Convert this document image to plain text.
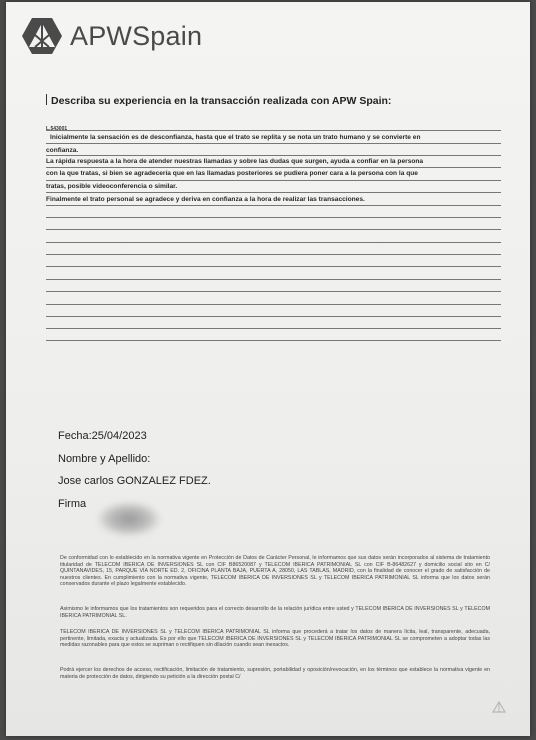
APWSpain
Describa su experiencia en la transacción realizada con APW Spain:
L.543001
Inicialmente la sensación es de desconfianza, hasta que el trato se replita y se nota un trato humano y se convierte en
confianza.
La rápida respuesta a la hora de atender nuestras llamadas y sobre las dudas que surgen, ayuda a confiar en la persona
con la que tratas, si bien se agradecería que en las llamadas posteriores se pudiera poner cara a la persona con la que
tratas, posible videoconferencia o similar.
Finalmente el trato personal se agradece y deriva en confianza a la hora de realizar las transacciones.
Fecha:25/04/2023
Nombre y Apellido:
Jose carlos GONZALEZ FDEZ.
Firma
De conformidad con lo establecido en la normativa vigente en Protección de Datos de Carácter Personal, le informamos que sus datos serán incorporados al sistema de tratamiento titularidad de TELECOM IBERICA DE INVERSIONES SL con CIF B86520087 y TELECOM IBERICA PATRIMONIAL SL con CIF B-86482627 y domicilio social sito en C/ QUINTANAVIDES, 15, PARQUE VÍA NORTE ED. 2, OFICINA PLANTA BAJA, PUERTA A, 28050, LAS TABLAS, MADRID, con la finalidad de conocer el grado de satisfacción de nuestros clientes. En cumplimiento con la normativa vigente, TELECOM IBERICA DE INVERSIONES SL y TELECOM IBERICA PATRIMONIAL SL informa que los datos serán conservados durante el plazo legalmente establecido.
Asimismo le informamos que los tratamientos son requeridos para el correcto desarrollo de la relación jurídica entre usted y TELECOM IBERICA DE INVERSIONES SL y TELECOM IBERICA PATRIMONIAL SL.
TELECOM IBERICA DE INVERSIONES SL y TELECOM IBERICA PATRIMONIAL SL informa que procederá a tratar los datos de manera lícita, leal, transparente, adecuada, pertinente, limitada, exacta y actualizada. Es por ello que TELECOM IBERICA DE INVERSIONES SL y TELECOM IBERICA PATRIMONIAL SL se comprometen a adoptar todas las medidas razonables para que estos se supriman o rectifiquen sin dilación cuando sean inexactos.
Podrá ejercer los derechos de acceso, rectificación, limitación de tratamiento, supresión, portabilidad y oposición/revocación, en los términos que establece la normativa vigente en materia de protección de datos, dirigiendo su petición a la dirección postal C/
